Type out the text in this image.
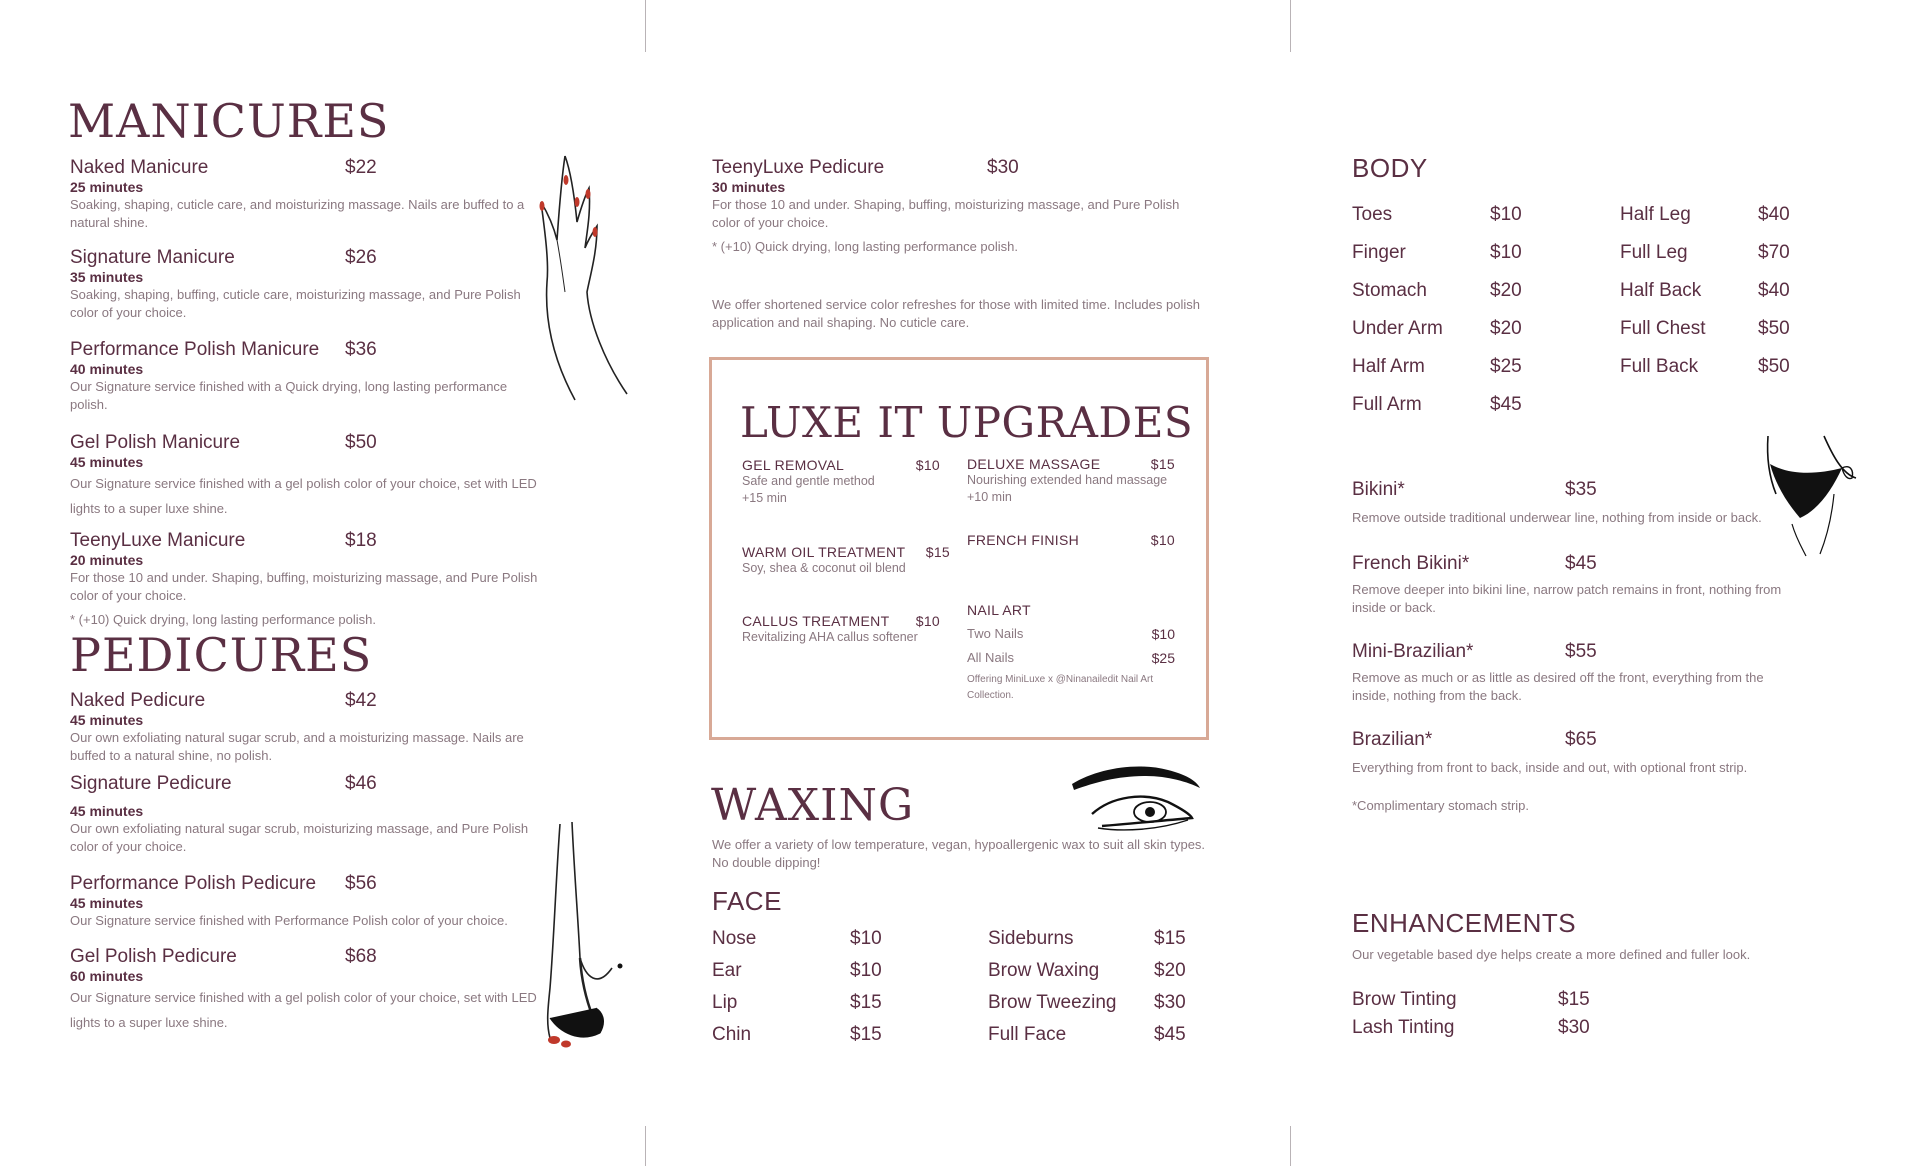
MANICURES
Naked Manicure	$22
25 minutes
Soaking, shaping, cuticle care, and moisturizing massage. Nails are buffed to a natural shine.
Signature Manicure	$26
35 minutes
Soaking, shaping, buffing, cuticle care, moisturizing massage, and Pure Polish color of your choice.
Performance Polish Manicure	$36
40 minutes
Our Signature service finished with a Quick drying, long lasting performance polish.
Gel Polish Manicure	$50
45 minutes
Our Signature service finished with a gel polish color of your choice, set with LED lights to a super luxe shine.
TeenyLuxe Manicure	$18
20 minutes
For those 10 and under. Shaping, buffing, moisturizing massage, and Pure Polish color of your choice.
* (+10) Quick drying, long lasting performance polish.
PEDICURES
Naked Pedicure	$42
45 minutes
Our own exfoliating natural sugar scrub, and a moisturizing massage. Nails are buffed to a natural shine, no polish.
Signature Pedicure	$46
45 minutes
Our own exfoliating natural sugar scrub, moisturizing massage, and Pure Polish color of your choice.
Performance Polish Pedicure	$56
45 minutes
Our Signature service finished with Performance Polish color of your choice.
Gel Polish Pedicure	$68
60 minutes
Our Signature service finished with a gel polish color of your choice, set with LED lights to a super luxe shine.
TeenyLuxe Pedicure	$30
30 minutes
For those 10 and under. Shaping, buffing, moisturizing massage, and Pure Polish color of your choice.
* (+10) Quick drying, long lasting performance polish.
We offer shortened service color refreshes for those with limited time. Includes polish application and nail shaping. No cuticle care.
LUXE IT UPGRADES
GEL REMOVAL	$10
Safe and gentle method +15 min
WARM OIL TREATMENT $15
Soy, shea & coconut oil blend
CALLUS TREATMENT $10
Revitalizing AHA callus softener
DELUXE MASSAGE	$15
Nourishing extended hand massage +10 min
FRENCH FINISH	$10
NAIL ART
Two Nails	$10
All Nails	$25
Offering MiniLuxe x @Ninanailedit Nail Art Collection.
WAXING
We offer a variety of low temperature, vegan, hypoallergenic wax to suit all skin types. No double dipping!
FACE
Nose	$10
Ear	$10
Lip	$15
Chin	$15
Sideburns	$15
Brow Waxing	$20
Brow Tweezing	$30
Full Face	$45
BODY
Toes	$10
Finger	$10
Stomach	$20
Under Arm	$20
Half Arm	$25
Full Arm	$45
Half Leg	$40
Full Leg	$70
Half Back	$40
Full Chest	$50
Full Back	$50
Bikini*	$35
Remove outside traditional underwear line, nothing from inside or back.
French Bikini*	$45
Remove deeper into bikini line, narrow patch remains in front, nothing from inside or back.
Mini-Brazilian*	$55
Remove as much or as little as desired off the front, everything from the inside, nothing from the back.
Brazilian*	$65
Everything from front to back, inside and out, with optional front strip.
*Complimentary stomach strip.
ENHANCEMENTS
Our vegetable based dye helps create a more defined and fuller look.
Brow Tinting	$15
Lash Tinting	$30
